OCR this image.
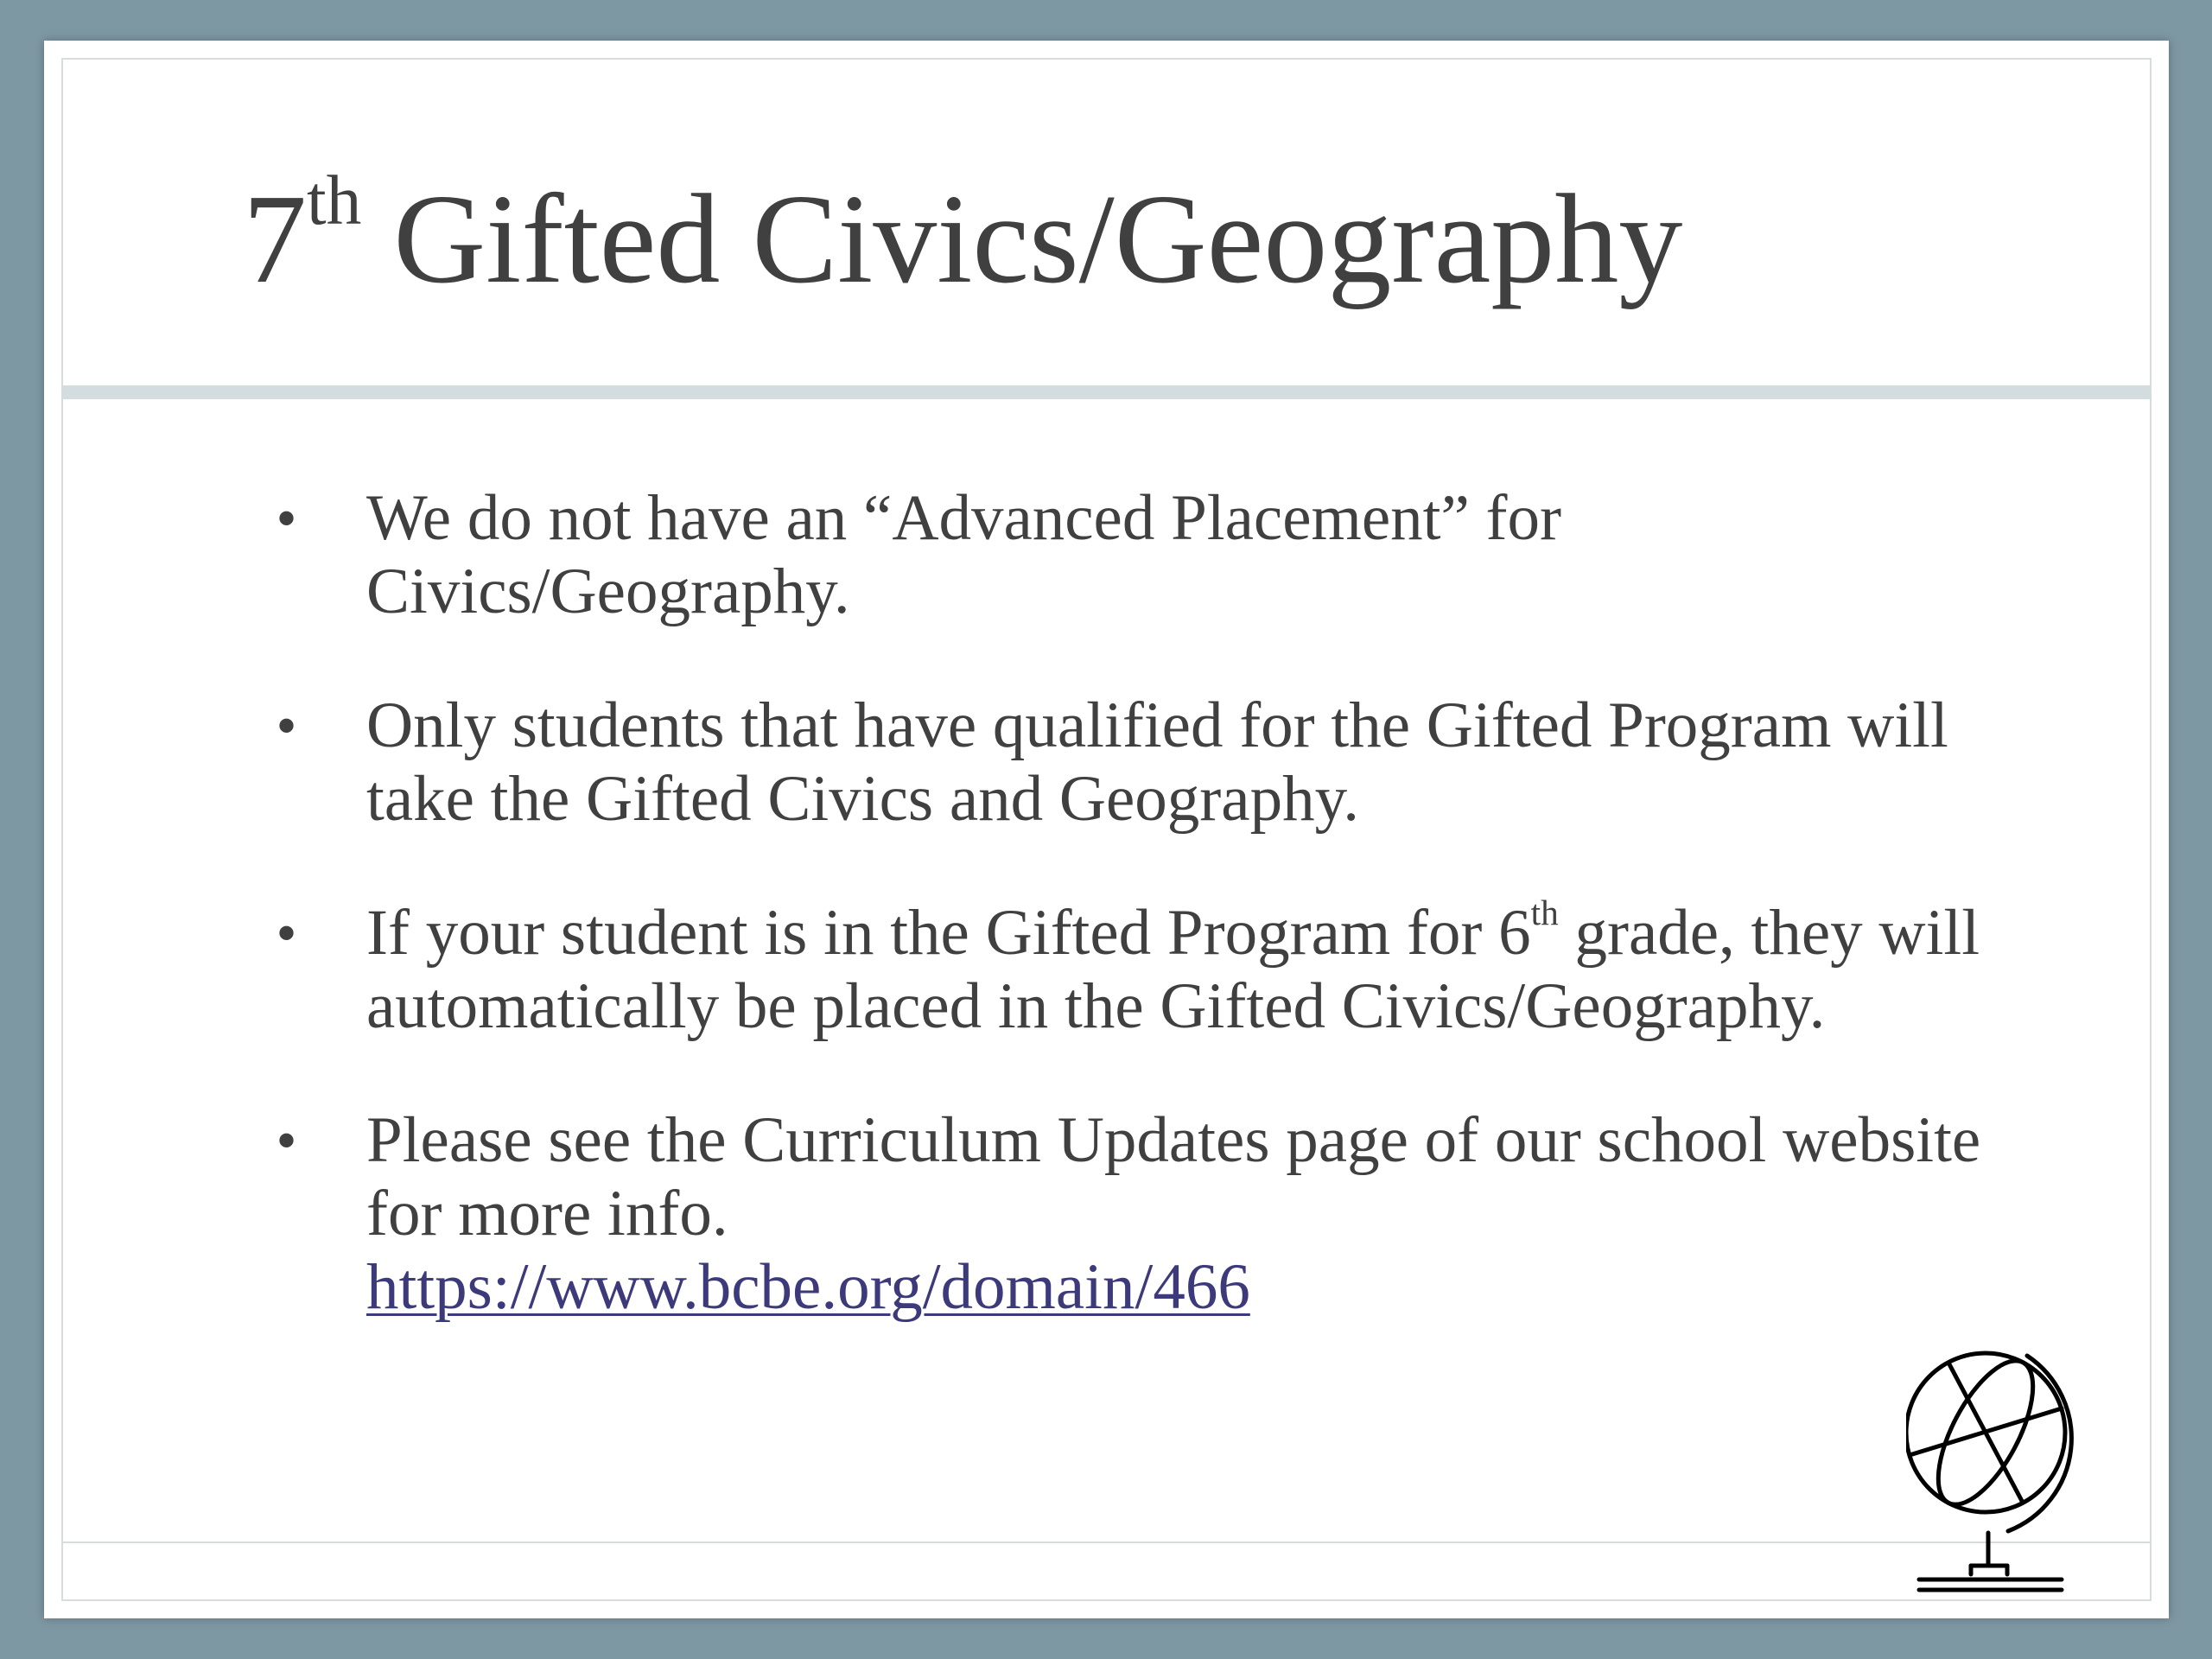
7th Gifted Civics/Geography
• We do not have an “Advanced Placement” for Civics/Geography.
• Only students that have qualified for the Gifted Program will take the Gifted Civics and Geography.
• If your student is in the Gifted Program for 6th grade, they will automatically be placed in the Gifted Civics/Geography.
• Please see the Curriculum Updates page of our school website for more info.
https://www.bcbe.org/domain/466
